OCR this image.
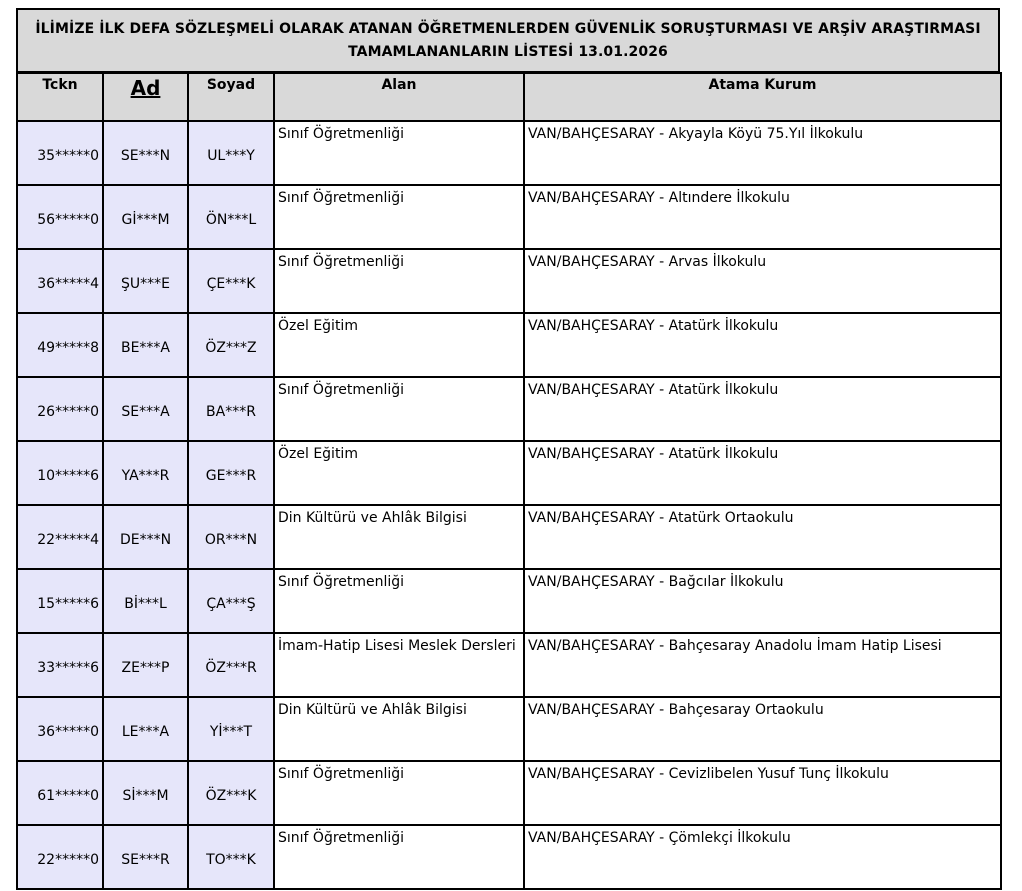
İLİMİZE İLK DEFA SÖZLEŞMELİ OLARAK ATANAN ÖĞRETMENLERDEN GÜVENLİK SORUŞTURMASI VE ARŞİV ARAŞTIRMASI
TAMAMLANANLARIN LİSTESİ 13.01.2026
Tckn	Ad	Soyad	Alan	Atama Kurum
35*****0	SE***N	UL***Y	Sınıf Öğretmenliği	VAN/BAHÇESARAY - Akyayla Köyü 75.Yıl İlkokulu
56*****0	Gİ***M	ÖN***L	Sınıf Öğretmenliği	VAN/BAHÇESARAY - Altındere İlkokulu
36*****4	ŞU***E	ÇE***K	Sınıf Öğretmenliği	VAN/BAHÇESARAY - Arvas İlkokulu
49*****8	BE***A	ÖZ***Z	Özel Eğitim	VAN/BAHÇESARAY - Atatürk İlkokulu
26*****0	SE***A	BA***R	Sınıf Öğretmenliği	VAN/BAHÇESARAY - Atatürk İlkokulu
10*****6	YA***R	GE***R	Özel Eğitim	VAN/BAHÇESARAY - Atatürk İlkokulu
22*****4	DE***N	OR***N	Din Kültürü ve Ahlâk Bilgisi	VAN/BAHÇESARAY - Atatürk Ortaokulu
15*****6	Bİ***L	ÇA***Ş	Sınıf Öğretmenliği	VAN/BAHÇESARAY - Bağcılar İlkokulu
33*****6	ZE***P	ÖZ***R	İmam-Hatip Lisesi Meslek Dersleri	VAN/BAHÇESARAY - Bahçesaray Anadolu İmam Hatip Lisesi
36*****0	LE***A	Yİ***T	Din Kültürü ve Ahlâk Bilgisi	VAN/BAHÇESARAY - Bahçesaray Ortaokulu
61*****0	Sİ***M	ÖZ***K	Sınıf Öğretmenliği	VAN/BAHÇESARAY - Cevizlibelen Yusuf Tunç İlkokulu
22*****0	SE***R	TO***K	Sınıf Öğretmenliği	VAN/BAHÇESARAY - Çömlekçi İlkokulu
